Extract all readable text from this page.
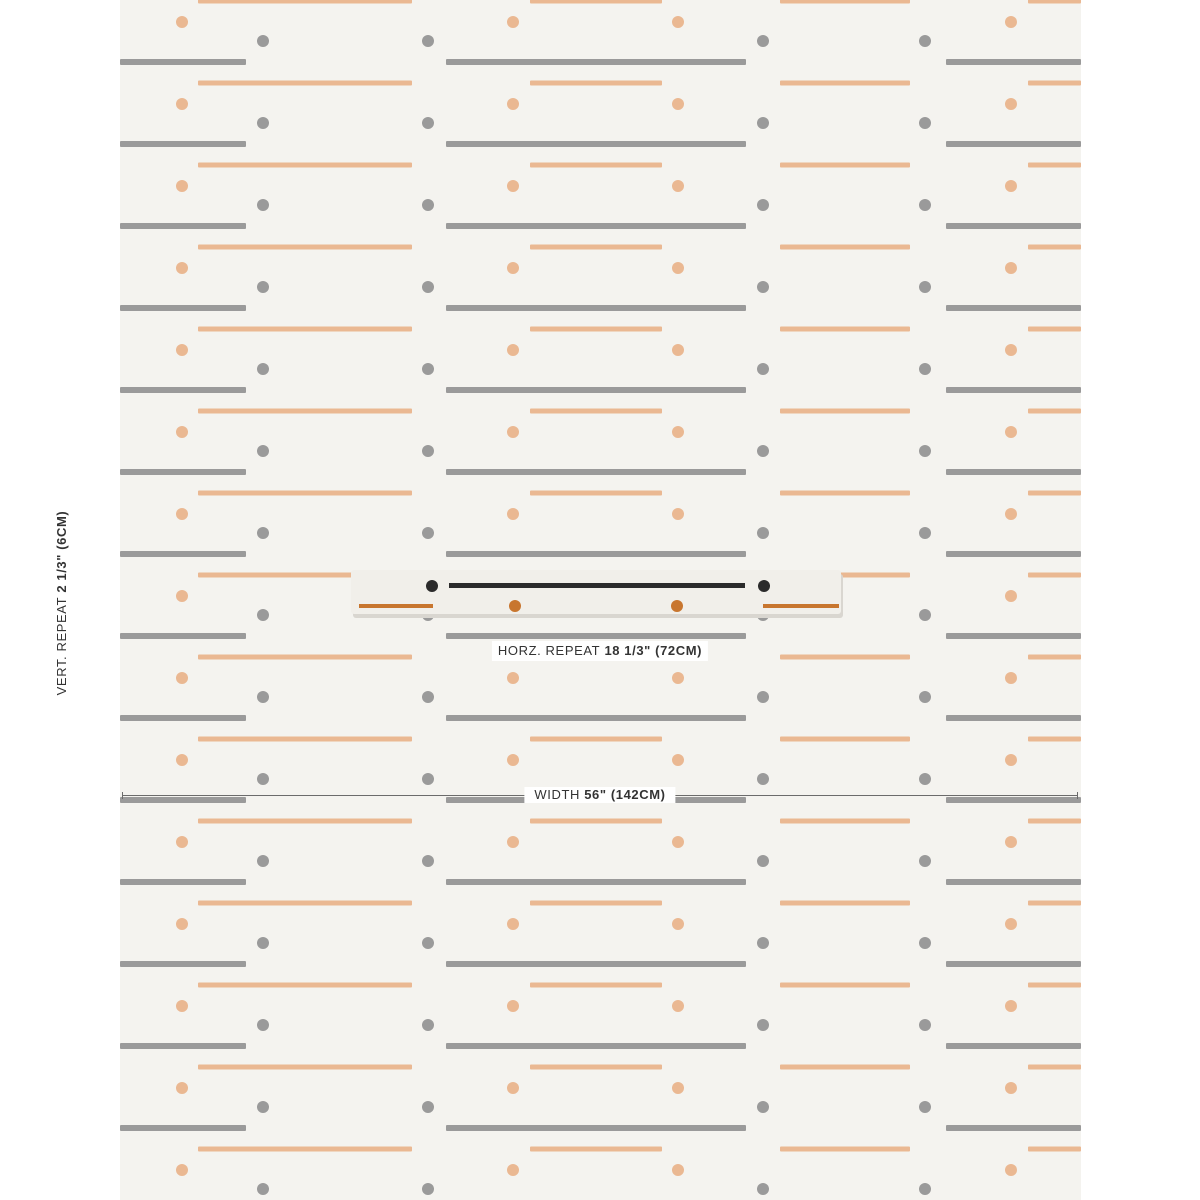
VERT. REPEAT 2 1/3" (6CM)
HORZ. REPEAT 18 1/3" (72CM)
WIDTH 56" (142CM)
